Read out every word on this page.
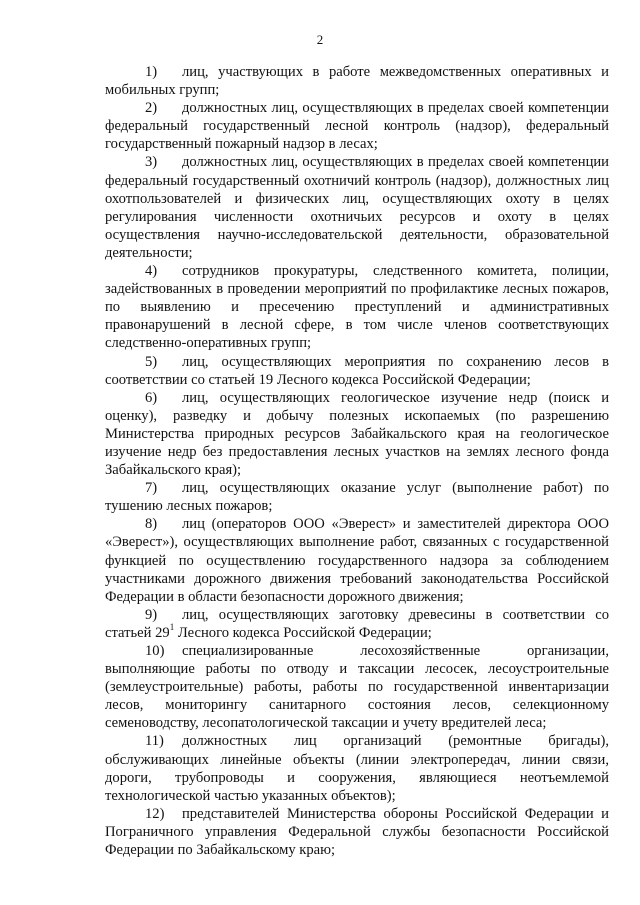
2

1) лиц, участвующих в работе межведомственных оперативных и мобильных групп;

2) должностных лиц, осуществляющих в пределах своей компетенции федеральный государственный лесной контроль (надзор), федеральный государственный пожарный надзор в лесах;

3) должностных лиц, осуществляющих в пределах своей компетенции федеральный государственный охотничий контроль (надзор), должностных лиц охотпользователей и физических лиц, осуществляющих охоту в целях регулирования численности охотничьих ресурсов и охоту в целях осуществления научно-исследовательской деятельности, образовательной деятельности;

4) сотрудников прокуратуры, следственного комитета, полиции, задействованных в проведении мероприятий по профилактике лесных пожаров, по выявлению и пресечению преступлений и административных правонарушений в лесной сфере, в том числе членов соответствующих следственно-оперативных групп;

5) лиц, осуществляющих мероприятия по сохранению лесов в соответствии со статьей 19 Лесного кодекса Российской Федерации;

6) лиц, осуществляющих геологическое изучение недр (поиск и оценку), разведку и добычу полезных ископаемых (по разрешению Министерства природных ресурсов Забайкальского края на геологическое изучение недр без предоставления лесных участков на землях лесного фонда Забайкальского края);

7) лиц, осуществляющих оказание услуг (выполнение работ) по тушению лесных пожаров;

8) лиц (операторов ООО «Эверест» и заместителей директора ООО «Эверест»), осуществляющих выполнение работ, связанных с государственной функцией по осуществлению государственного надзора за соблюдением участниками дорожного движения требований законодательства Российской Федерации в области безопасности дорожного движения;

9) лиц, осуществляющих заготовку древесины в соответствии со статьей $29^1$ Лесного кодекса Российской Федерации;

10) специализированные лесохозяйственные организации, выполняющие работы по отводу и таксации лесосек, лесоустроительные (землеустроительные) работы, работы по государственной инвентаризации лесов, мониторингу санитарного состояния лесов, селекционному семеноводству, лесопатологической таксации и учету вредителей леса;

11) должностных лиц организаций (ремонтные бригады), обслуживающих линейные объекты (линии электропередач, линии связи, дороги, трубопроводы и сооружения, являющиеся неотъемлемой технологической частью указанных объектов);

12) представителей Министерства обороны Российской Федерации и Пограничного управления Федеральной службы безопасности Российской Федерации по Забайкальскому краю;
